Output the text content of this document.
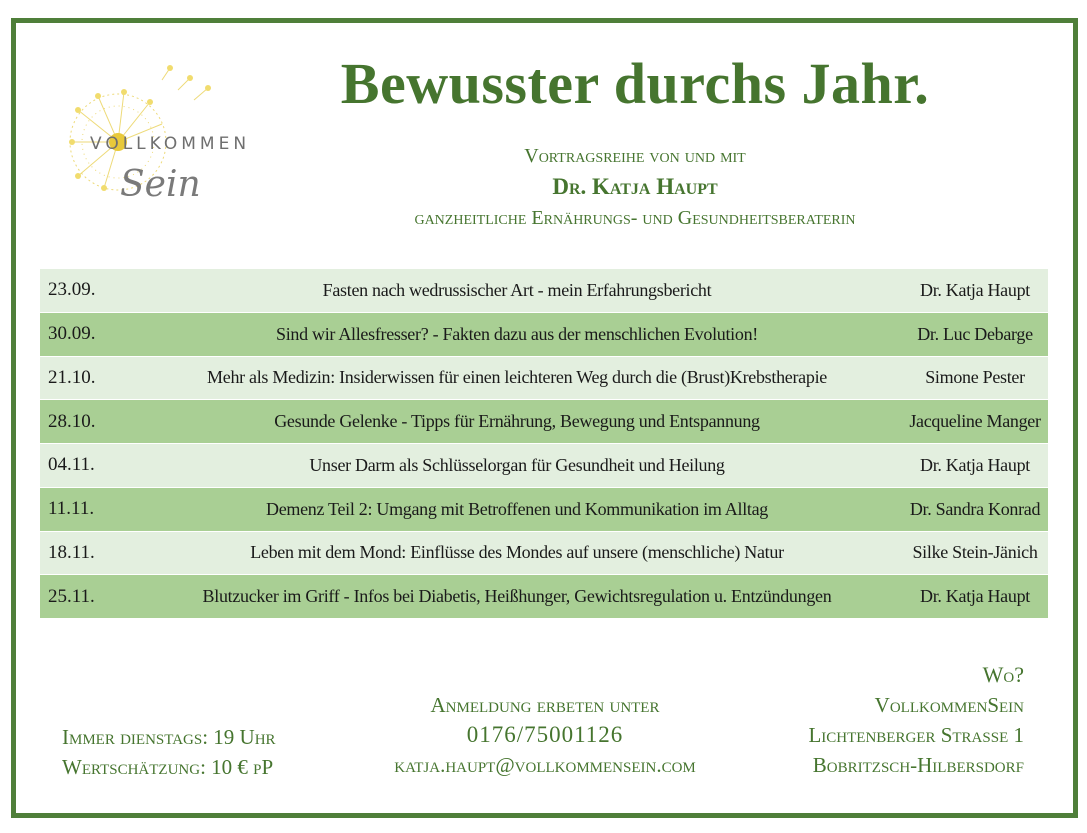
VOLLKOMMEN
Sein
Bewusster durchs Jahr.
Vortragsreihe von und mit
Dr. Katja Haupt
ganzheitliche Ernährungs- und Gesundheitsberaterin
23.09.	Fasten nach wedrussischer Art - mein Erfahrungsbericht	Dr. Katja Haupt
30.09.	Sind wir Allesfresser? - Fakten dazu aus der menschlichen Evolution!	Dr. Luc Debarge
21.10.	Mehr als Medizin: Insiderwissen für einen leichteren Weg durch die (Brust)Krebstherapie	Simone Pester
28.10.	Gesunde Gelenke - Tipps für Ernährung, Bewegung und Entspannung	Jacqueline Manger
04.11.	Unser Darm als Schlüsselorgan für Gesundheit und Heilung	Dr. Katja Haupt
11.11.	Demenz Teil 2: Umgang mit Betroffenen und Kommunikation im Alltag	Dr. Sandra Konrad
18.11.	Leben mit dem Mond: Einflüsse des Mondes auf unsere (menschliche) Natur	Silke Stein-Jänich
25.11.	Blutzucker im Griff - Infos bei Diabetis, Heißhunger, Gewichtsregulation u. Entzündungen	Dr. Katja Haupt
Immer dienstags: 19 Uhr
Wertschätzung: 10 € pP
Anmeldung erbeten unter
0176/75001126
katja.haupt@vollkommensein.com
Wo?
VollkommenSein
Lichtenberger Strasse 1
Bobritzsch-Hilbersdorf
